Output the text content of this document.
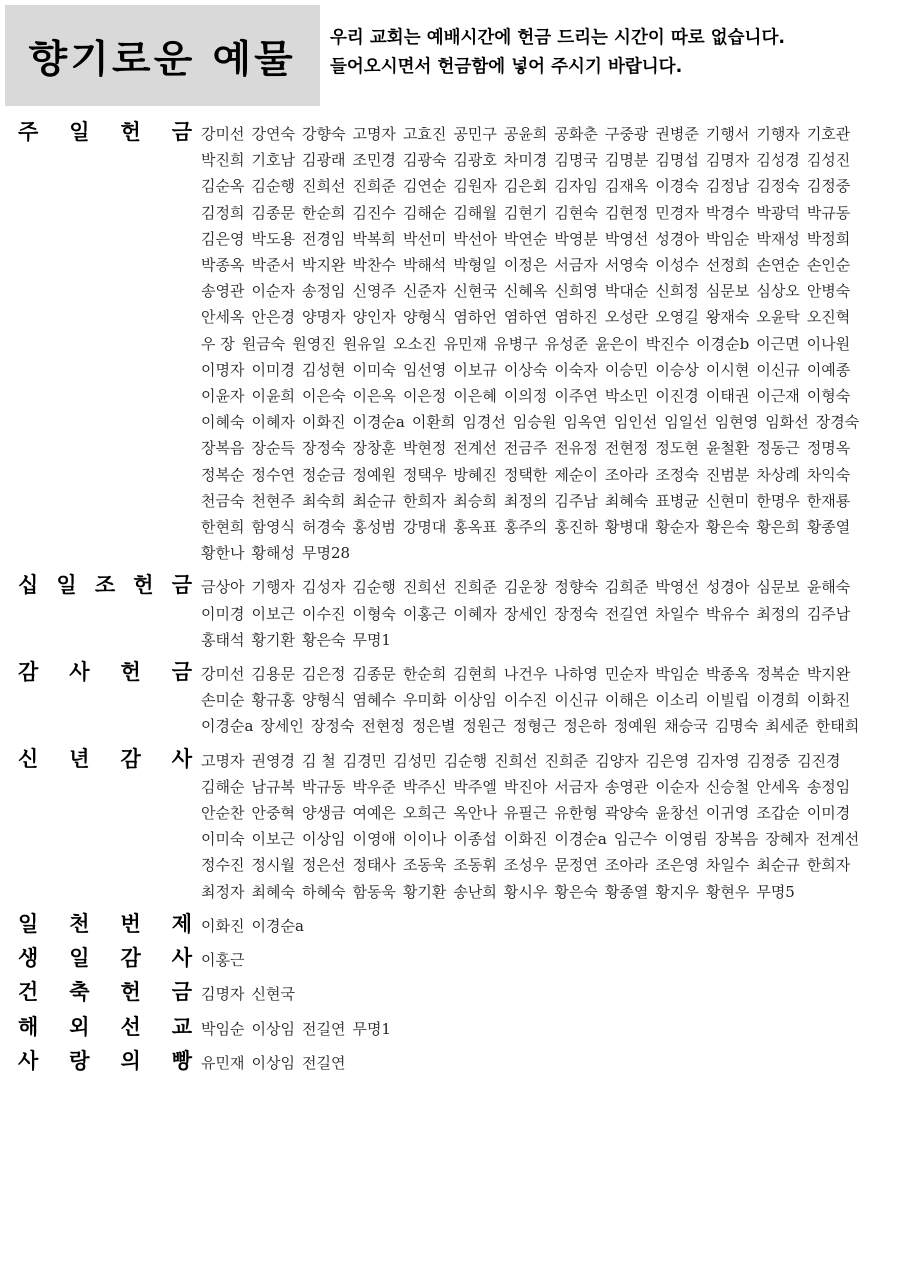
향기로운 예물 우리 교회는 예배시간에 헌금 드리는 시간이 따로 없습니다.
들어오시면서 헌금함에 넣어 주시기 바랍니다.
주 일 헌 금 강미선 강연숙 강향숙 고명자 고효진 공민구 공윤희 공화춘 구중광 권병준 기행서 기행자 기호관
박진희 기호남 김광래 조민경 김광숙 김광호 차미경 김명국 김명분 김명섭 김명자 김성경 김성진
김순옥 김순행 진희선 진희준 김연순 김원자 김은회 김자임 김재옥 이경숙 김정남 김정숙 김정중
김정희 김종문 한순희 김진수 김해순 김해월 김현기 김현숙 김현정 민경자 박경수 박광덕 박규동
김은영 박도용 전경임 박복희 박선미 박선아 박연순 박영분 박영선 성경아 박임순 박재성 박정희
박종옥 박준서 박지완 박찬수 박해석 박형일 이정은 서금자 서영숙 이성수 선정희 손연순 손인순
송영관 이순자 송정임 신영주 신준자 신현국 신혜옥 신희영 박대순 신희정 심문보 심상오 안병숙
안세옥 안은경 양명자 양인자 양형식 염하언 염하연 염하진 오성란 오영길 왕재숙 오윤탁 오진혁
우 장 원금숙 원영진 원유일 오소진 유민재 유병구 유성준 윤은이 박진수 이경순b 이근면 이나원
이명자 이미경 김성현 이미숙 임선영 이보규 이상숙 이숙자 이승민 이승상 이시현 이신규 이예종
이윤자 이윤희 이은숙 이은옥 이은정 이은혜 이의정 이주연 박소민 이진경 이태권 이근재 이형숙
이혜숙 이혜자 이화진 이경순a 이환희 임경선 임승원 임옥연 임인선 임일선 임현영 임화선 장경숙
장복음 장순득 장정숙 장창훈 박현정 전계선 전금주 전유정 전현정 정도현 윤철환 정동근 정명옥
정복순 정수연 정순금 정예원 정택우 방혜진 정택한 제순이 조아라 조정숙 진범분 차상례 차익숙
천금숙 천현주 최숙희 최순규 한희자 최승희 최정의 김주남 최혜숙 표병균 신현미 한명우 한재룡
한현희 함영식 허경숙 홍성범 강명대 홍옥표 홍주의 홍진하 황병대 황순자 황은숙 황은희 황종열
황한나 황해성 무명28
십 일 조 헌 금 금상아 기행자 김성자 김순행 진희선 진희준 김운창 정향숙 김희준 박영선 성경아 심문보 윤해숙
이미경 이보근 이수진 이형숙 이홍근 이혜자 장세인 장정숙 전길연 차일수 박유수 최정의 김주남
홍태석 황기환 황은숙 무명1
감 사 헌 금 강미선 김용문 김은정 김종문 한순희 김현희 나건우 나하영 민순자 박임순 박종옥 정복순 박지완
손미순 황규홍 양형식 염혜수 우미화 이상임 이수진 이신규 이해은 이소리 이빌립 이경희 이화진
이경순a 장세인 장정숙 전현정 정은별 정원근 정형근 정은하 정예원 채승국 김명숙 최세준 한태희
신 년 감 사 고명자 권영경 김 철 김경민 김성민 김순행 진희선 진희준 김양자 김은영 김자영 김정중 김진경
김해순 남규복 박규동 박우준 박주신 박주엘 박진아 서금자 송영관 이순자 신승철 안세옥 송정임
안순찬 안중혁 양생금 여예은 오희근 옥안나 유필근 유한형 곽양숙 윤창선 이귀영 조갑순 이미경
이미숙 이보근 이상임 이영애 이이나 이종섭 이화진 이경순a 임근수 이영림 장복음 장혜자 전계선
정수진 정시월 정은선 정태사 조동욱 조동휘 조성우 문정연 조아라 조은영 차일수 최순규 한희자
최정자 최혜숙 하혜숙 함동욱 황기환 송난희 황시우 황은숙 황종열 황지우 황현우 무명5
일 천 번 제 이화진 이경순a
생 일 감 사 이홍근
건 축 헌 금 김명자 신현국
해 외 선 교 박임순 이상임 전길연 무명1
사 랑 의 빵 유민재 이상임 전길연
